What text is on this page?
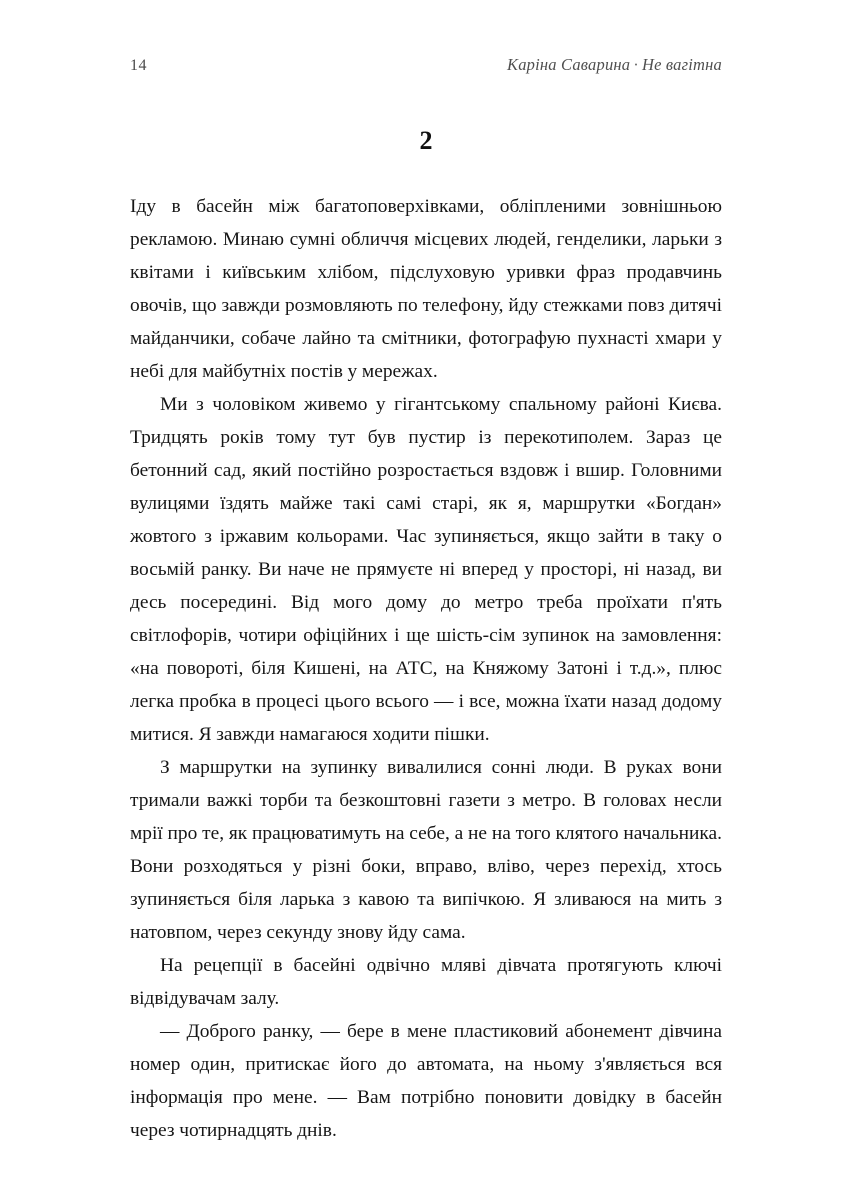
14	Каріна Саварина · Не вагітна
2

Іду в басейн між багатоповерхівками, обліпленими зовнішньою рекламою. Минаю сумні обличчя місцевих людей, генделики, ларьки з квітами і київським хлібом, підслуховую уривки фраз продавчинь овочів, що завжди розмовляють по телефону, йду стежками повз дитячі майданчики, собаче лайно та смітники, фотографую пухнасті хмари у небі для майбутніх постів у мережах.

Ми з чоловіком живемо у гігантському спальному районі Києва. Тридцять років тому тут був пустир із перекотиполем. Зараз це бетонний сад, який постійно розростається вздовж і вшир. Головними вулицями їздять майже такі самі старі, як я, маршрутки «Богдан» жовтого з іржавим кольорами. Час зупиняється, якщо зайти в таку о восьмій ранку. Ви наче не прямуєте ні вперед у просторі, ні назад, ви десь посередині. Від мого дому до метро треба проїхати п'ять світлофорів, чотири офіційних і ще шість-сім зупинок на замовлення: «на повороті, біля Кишені, на АТС, на Княжому Затоні і т.д.», плюс легка пробка в процесі цього всього — і все, можна їхати назад додому митися. Я завжди намагаюся ходити пішки.

З маршрутки на зупинку вивалилися сонні люди. В руках вони тримали важкі торби та безкоштовні газети з метро. В головах несли мрії про те, як працюватимуть на себе, а не на того клятого начальника. Вони розходяться у різні боки, вправо, вліво, через перехід, хтось зупиняється біля ларька з кавою та випічкою. Я зливаюся на мить з натовпом, через секунду знову йду сама.

На рецепції в басейні одвічно мляві дівчата протягують ключі відвідувачам залу.

— Доброго ранку, — бере в мене пластиковий абонемент дівчина номер один, притискає його до автомата, на ньому з'являється вся інформація про мене. — Вам потрібно поновити довідку в басейн через чотирнадцять днів.
